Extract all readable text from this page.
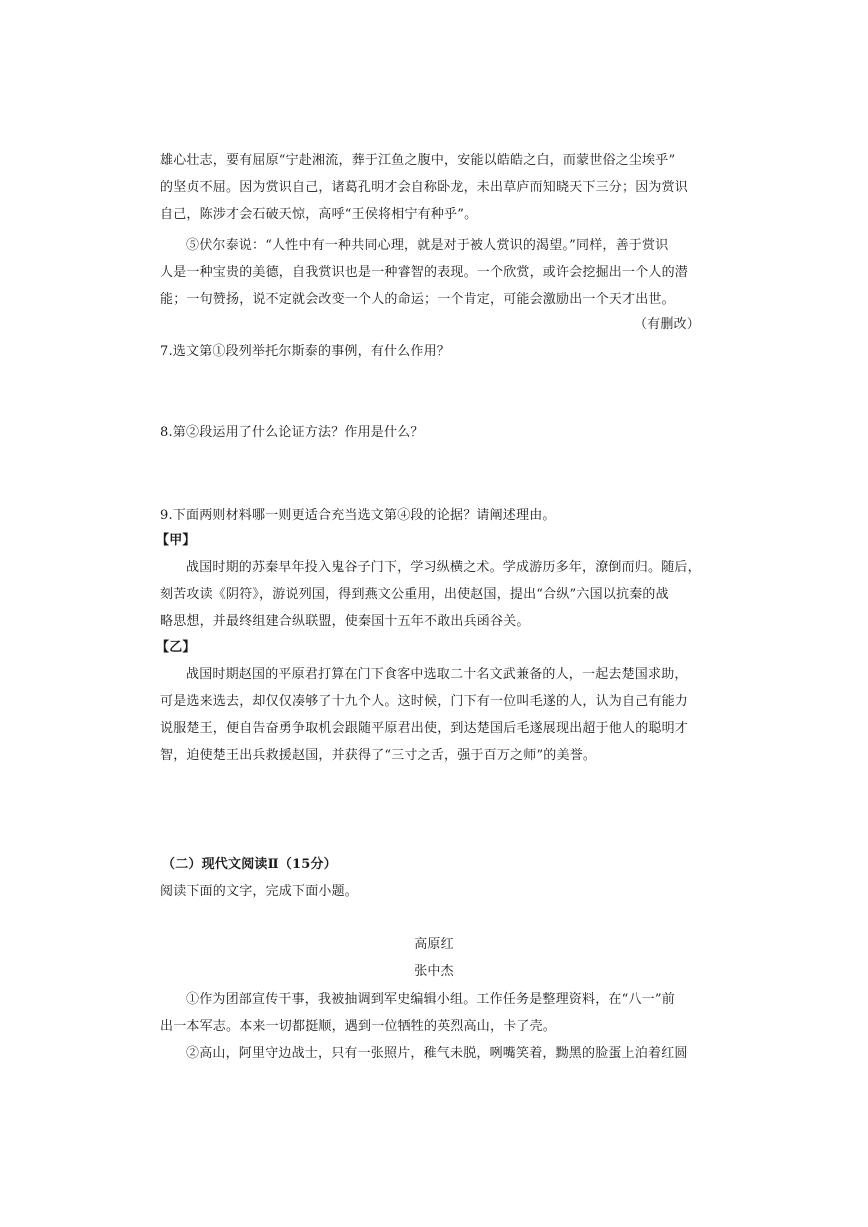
雄心壮志，要有屈原“宁赴湘流，葬于江鱼之腹中，安能以皓皓之白，而蒙世俗之尘埃乎”
的坚贞不屈。因为赏识自己，诸葛孔明才会自称卧龙，未出草庐而知晓天下三分；因为赏识
自己，陈涉才会石破天惊，高呼“王侯将相宁有种乎”。
⑤伏尔泰说：“人性中有一种共同心理，就是对于被人赏识的渴望。”同样，善于赏识
人是一种宝贵的美德，自我赏识也是一种睿智的表现。一个欣赏，或许会挖掘出一个人的潜
能；一句赞扬，说不定就会改变一个人的命运；一个肯定，可能会激励出一个天才出世。
（有删改）
7.选文第①段列举托尔斯泰的事例，有什么作用？
8.第②段运用了什么论证方法？作用是什么？
9.下面两则材料哪一则更适合充当选文第④段的论据？请阐述理由。
【甲】
战国时期的苏秦早年投入鬼谷子门下，学习纵横之术。学成游历多年，潦倒而归。随后，
刻苦攻读《阴符》，游说列国，得到燕文公重用，出使赵国，提出“合纵”六国以抗秦的战
略思想，并最终组建合纵联盟，使秦国十五年不敢出兵函谷关。
【乙】
战国时期赵国的平原君打算在门下食客中选取二十名文武兼备的人，一起去楚国求助，
可是选来选去，却仅仅凑够了十九个人。这时候，门下有一位叫毛遂的人，认为自己有能力
说服楚王，便自告奋勇争取机会跟随平原君出使，到达楚国后毛遂展现出超于他人的聪明才
智，迫使楚王出兵救援赵国，并获得了“三寸之舌，强于百万之师”的美誉。
（二）现代文阅读Ⅱ（15分）
阅读下面的文字，完成下面小题。
高原红
张中杰
①作为团部宣传干事，我被抽调到军史编辑小组。工作任务是整理资料，在“八一”前
出一本军志。本来一切都挺顺，遇到一位牺牲的英烈高山，卡了壳。
②高山，阿里守边战士，只有一张照片，稚气未脱，咧嘴笑着，黝黑的脸蛋上泊着红圆
